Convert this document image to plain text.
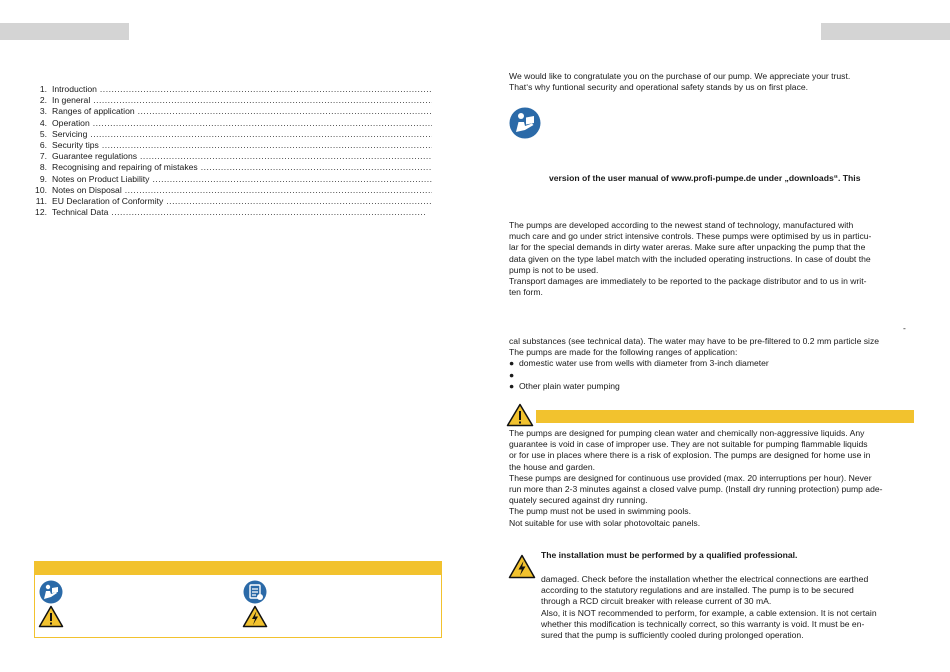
1. Introduction
.....
2. In general
.....
3. Ranges of application
.....
4. Operation
.....
5. Servicing
.....
6. Security tips
.....
7. Guarantee regulations
.....
8. Recognising and repairing of mistakes
.....
9. Notes on Product Liability
.....
10. Notes on Disposal
.....
11. EU Declaration of Conformity
.....
12. Technical Data
.....
We would like to congratulate you on the purchase of our pump. We appreciate your trust.
That‘s why funtional security and operational safety stands by us on first place.
version of the user manual of www.profi-pumpe.de under „downloads“. This
The pumps are developed according to the newest stand of technology, manufactured with
much care and go under strict intensive controls. These pumps were optimised by us in particu-
lar for the special demands in dirty water areras. Make sure after unpacking the pump that the
data given on the type label match with the included operating instructions. In case of doubt the
pump is not to be used.
Transport damages are immediately to be reported to the package distributor and to us in writ-
ten form.
-
cal substances (see technical data). The water may have to be pre-filtered to 0.2 mm particle size
The pumps are made for the following ranges of application:
● domestic water use from wells with diameter from 3-inch diameter
●
● Other plain water pumping
The pumps are designed for pumping clean water and chemically non-aggressive liquids. Any
guarantee is void in case of improper use. They are not suitable for pumping flammable liquids
or for use in places where there is a risk of explosion. The pumps are designed for home use in
the house and garden.
These pumps are designed for continuous use provided (max. 20 interruptions per hour). Never
run more than 2-3 minutes against a closed valve pump. (Install dry running protection) pump ade-
quately secured against dry running.
The pump must not be used in swimming pools.
Not suitable for use with solar photovoltaic panels.
The installation must be performed by a qualified professional.
damaged. Check before the installation whether the electrical connections are earthed
according to the statutory regulations and are installed. The pump is to be secured
through a RCD circuit breaker with release current of 30 mA.
Also, it is NOT recommended to perform, for example, a cable extension. It is not certain
whether this modification is technically correct, so this warranty is void. It must be en-
sured that the pump is sufficiently cooled during prolonged operation.
